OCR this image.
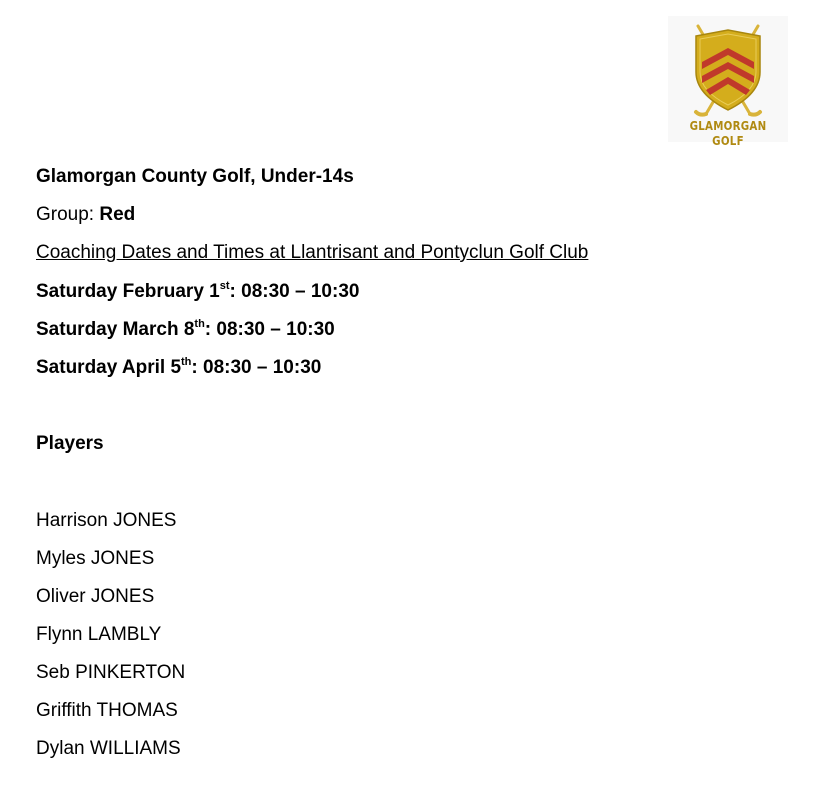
GLAMORGAN GOLF
Glamorgan County Golf, Under-14s
Group: Red
Coaching Dates and Times at Llantrisant and Pontyclun Golf Club
Saturday February 1st: 08:30 – 10:30
Saturday March 8th: 08:30 – 10:30
Saturday April 5th: 08:30 – 10:30
Players
Harrison JONES
Myles JONES
Oliver JONES
Flynn LAMBLY
Seb PINKERTON
Griffith THOMAS
Dylan WILLIAMS
